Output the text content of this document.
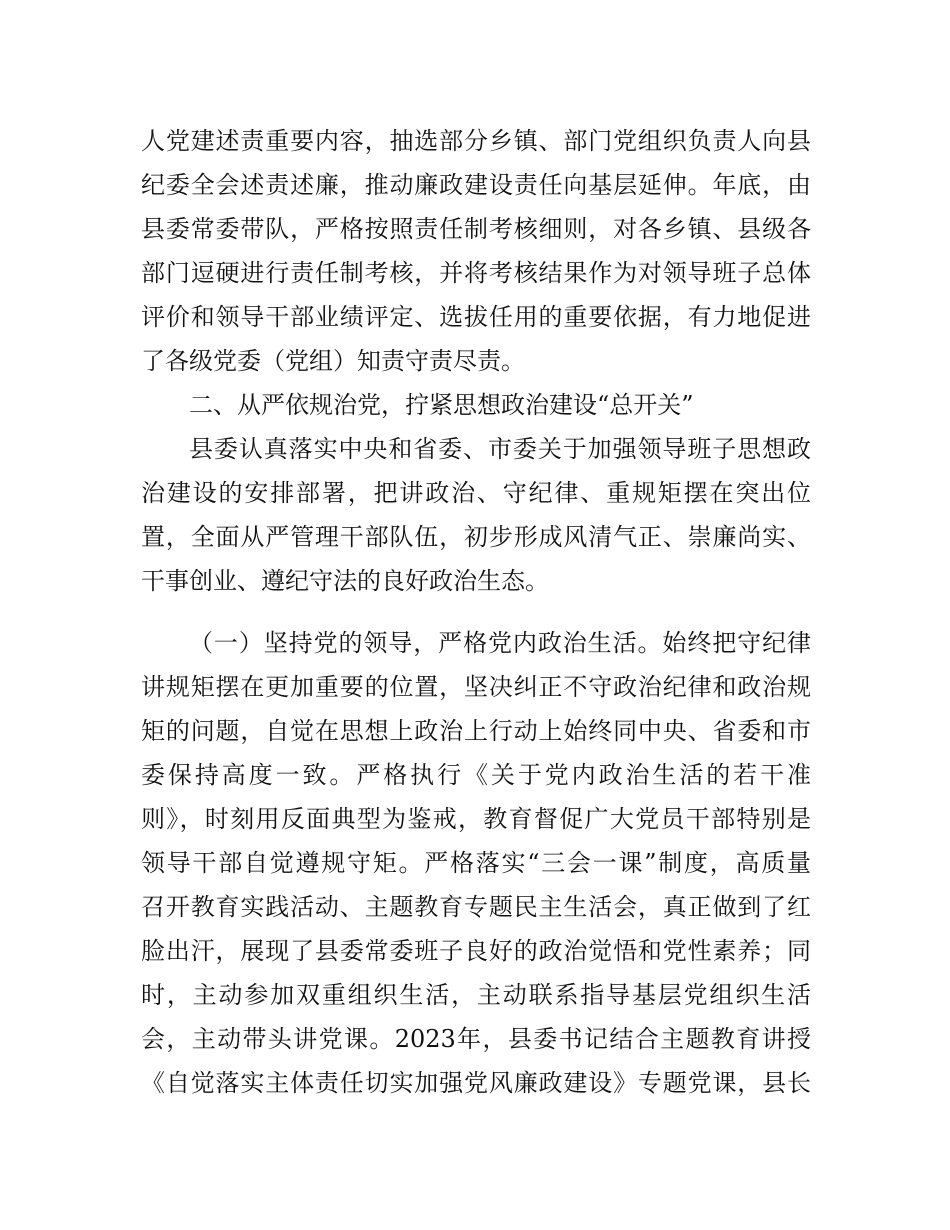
人党建述责重要内容，抽选部分乡镇、部门党组织负责人向县
纪委全会述责述廉，推动廉政建设责任向基层延伸。年底，由
县委常委带队，严格按照责任制考核细则，对各乡镇、县级各
部门逗硬进行责任制考核，并将考核结果作为对领导班子总体
评价和领导干部业绩评定、选拔任用的重要依据，有力地促进
了各级党委（党组）知责守责尽责。
二、从严依规治党，拧紧思想政治建设“总开关”
县委认真落实中央和省委、市委关于加强领导班子思想政
治建设的安排部署，把讲政治、守纪律、重规矩摆在突出位
置，全面从严管理干部队伍，初步形成风清气正、崇廉尚实、
干事创业、遵纪守法的良好政治生态。
（一）坚持党的领导，严格党内政治生活。始终把守纪律
讲规矩摆在更加重要的位置，坚决纠正不守政治纪律和政治规
矩的问题，自觉在思想上政治上行动上始终同中央、省委和市
委保持高度一致。严格执行《关于党内政治生活的若干准
则》，时刻用反面典型为鉴戒，教育督促广大党员干部特别是
领导干部自觉遵规守矩。严格落实“三会一课”制度，高质量
召开教育实践活动、主题教育专题民主生活会，真正做到了红
脸出汗，展现了县委常委班子良好的政治觉悟和党性素养；同
时，主动参加双重组织生活，主动联系指导基层党组织生活
会，主动带头讲党课。2023年，县委书记结合主题教育讲授
《自觉落实主体责任切实加强党风廉政建设》专题党课，县长
